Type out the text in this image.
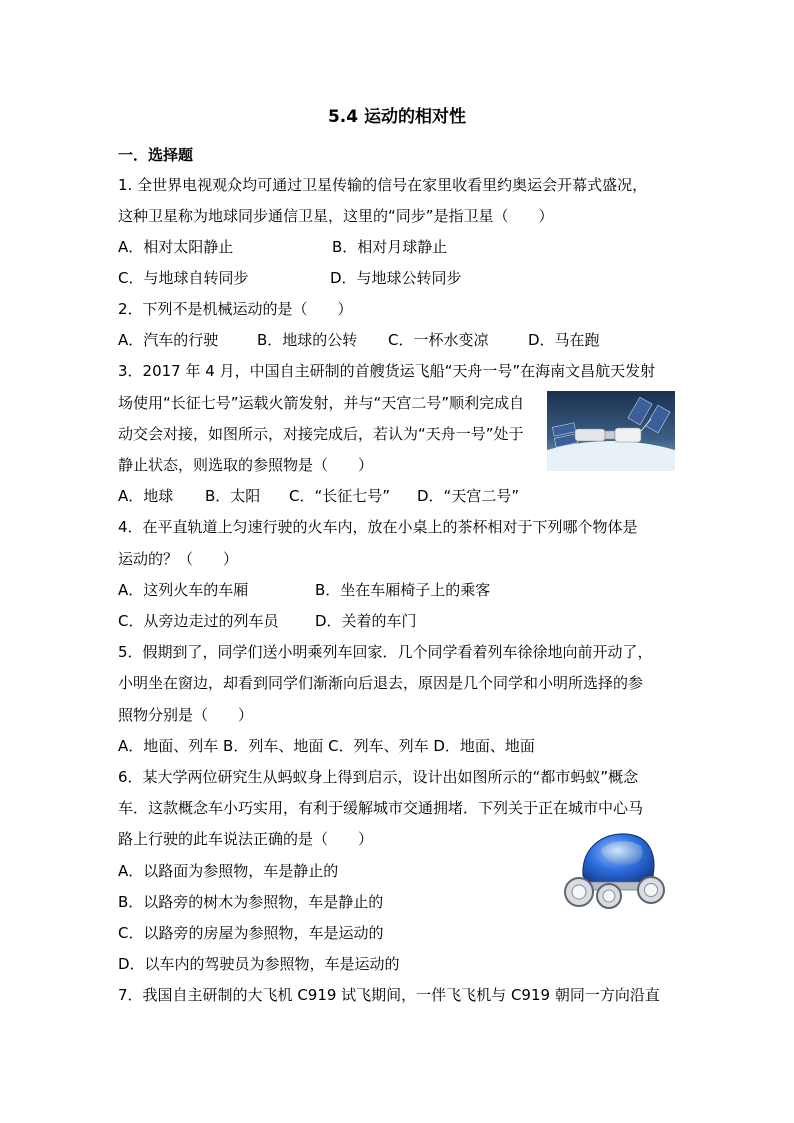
5.4 运动的相对性
一．选择题
1. 全世界电视观众均可通过卫星传输的信号在家里收看里约奥运会开幕式盛况，
这种卫星称为地球同步通信卫星，这里的“同步”是指卫星（　　）
A．相对太阳静止	B．相对月球静止
C．与地球自转同步	D．与地球公转同步
2．下列不是机械运动的是（　　）
A．汽车的行驶	B．地球的公转 C．一杯水变凉	D．马在跑
3．2017 年 4 月，中国自主研制的首艘货运飞船“天舟一号”在海南文昌航天发射
场使用“长征七号”运载火箭发射，并与“天宫二号”顺利完成自
动交会对接，如图所示，对接完成后，若认为“天舟一号”处于
静止状态，则选取的参照物是（　　）
A．地球 B．太阳 C．“长征七号” D．“天宫二号”
4．在平直轨道上匀速行驶的火车内，放在小桌上的茶杯相对于下列哪个物体是
运动的？（　　）
A．这列火车的车厢	B．坐在车厢椅子上的乘客
C．从旁边走过的列车员 D．关着的车门
5．假期到了，同学们送小明乘列车回家．几个同学看着列车徐徐地向前开动了，
小明坐在窗边，却看到同学们渐渐向后退去，原因是几个同学和小明所选择的参
照物分别是（　　）
A．地面、列车 B．列车、地面 C．列车、列车 D．地面、地面
6．某大学两位研究生从蚂蚁身上得到启示，设计出如图所示的“都市蚂蚁”概念
车．这款概念车小巧实用，有利于缓解城市交通拥堵．下列关于正在城市中心马
路上行驶的此车说法正确的是（　　）
A．以路面为参照物，车是静止的
B．以路旁的树木为参照物，车是静止的
C．以路旁的房屋为参照物，车是运动的
D．以车内的驾驶员为参照物，车是运动的
7．我国自主研制的大飞机 C919 试飞期间，一伴飞飞机与 C919 朝同一方向沿直
